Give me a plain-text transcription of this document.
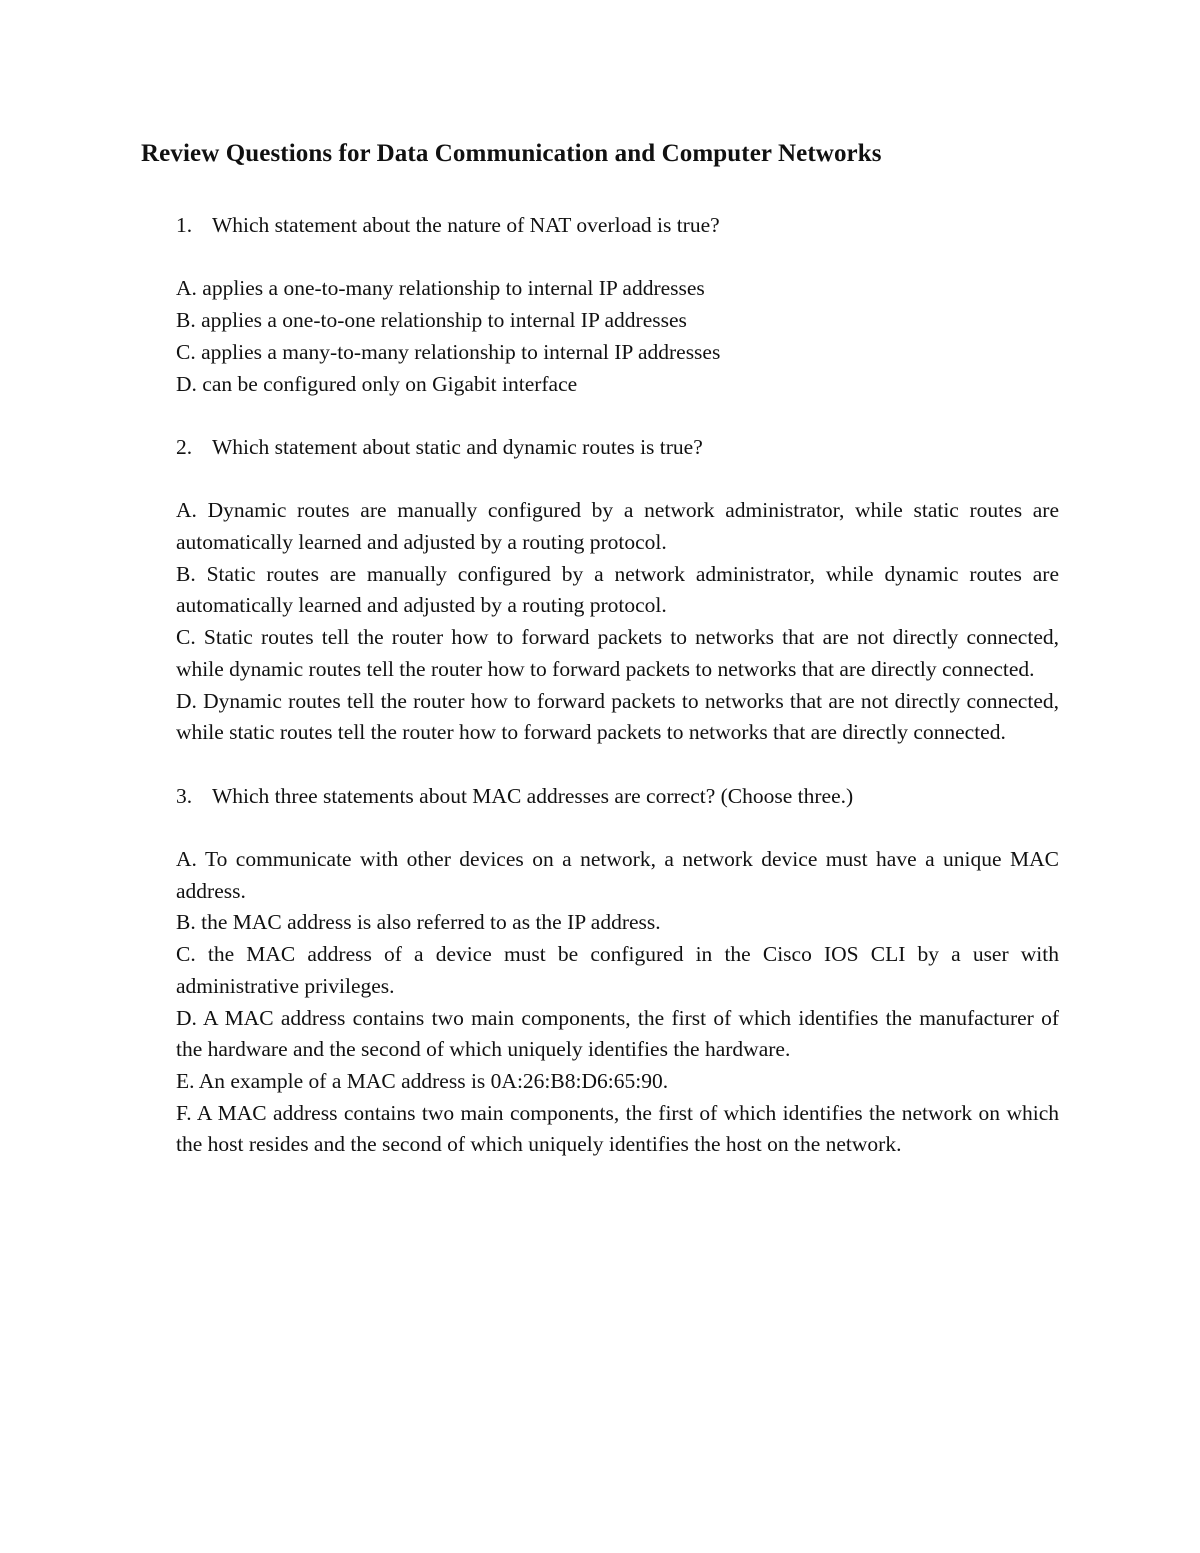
Review Questions for Data Communication and Computer Networks
1. Which statement about the nature of NAT overload is true?
A. applies a one-to-many relationship to internal IP addresses
B. applies a one-to-one relationship to internal IP addresses
C. applies a many-to-many relationship to internal IP addresses
D. can be configured only on Gigabit interface
2. Which statement about static and dynamic routes is true?
A. Dynamic routes are manually configured by a network administrator, while static routes are automatically learned and adjusted by a routing protocol.
B. Static routes are manually configured by a network administrator, while dynamic routes are automatically learned and adjusted by a routing protocol.
C. Static routes tell the router how to forward packets to networks that are not directly connected, while dynamic routes tell the router how to forward packets to networks that are directly connected.
D. Dynamic routes tell the router how to forward packets to networks that are not directly connected, while static routes tell the router how to forward packets to networks that are directly connected.
3. Which three statements about MAC addresses are correct? (Choose three.)
A. To communicate with other devices on a network, a network device must have a unique MAC address.
B. the MAC address is also referred to as the IP address.
C. the MAC address of a device must be configured in the Cisco IOS CLI by a user with administrative privileges.
D. A MAC address contains two main components, the first of which identifies the manufacturer of the hardware and the second of which uniquely identifies the hardware.
E. An example of a MAC address is 0A:26:B8:D6:65:90.
F. A MAC address contains two main components, the first of which identifies the network on which the host resides and the second of which uniquely identifies the host on the network.
